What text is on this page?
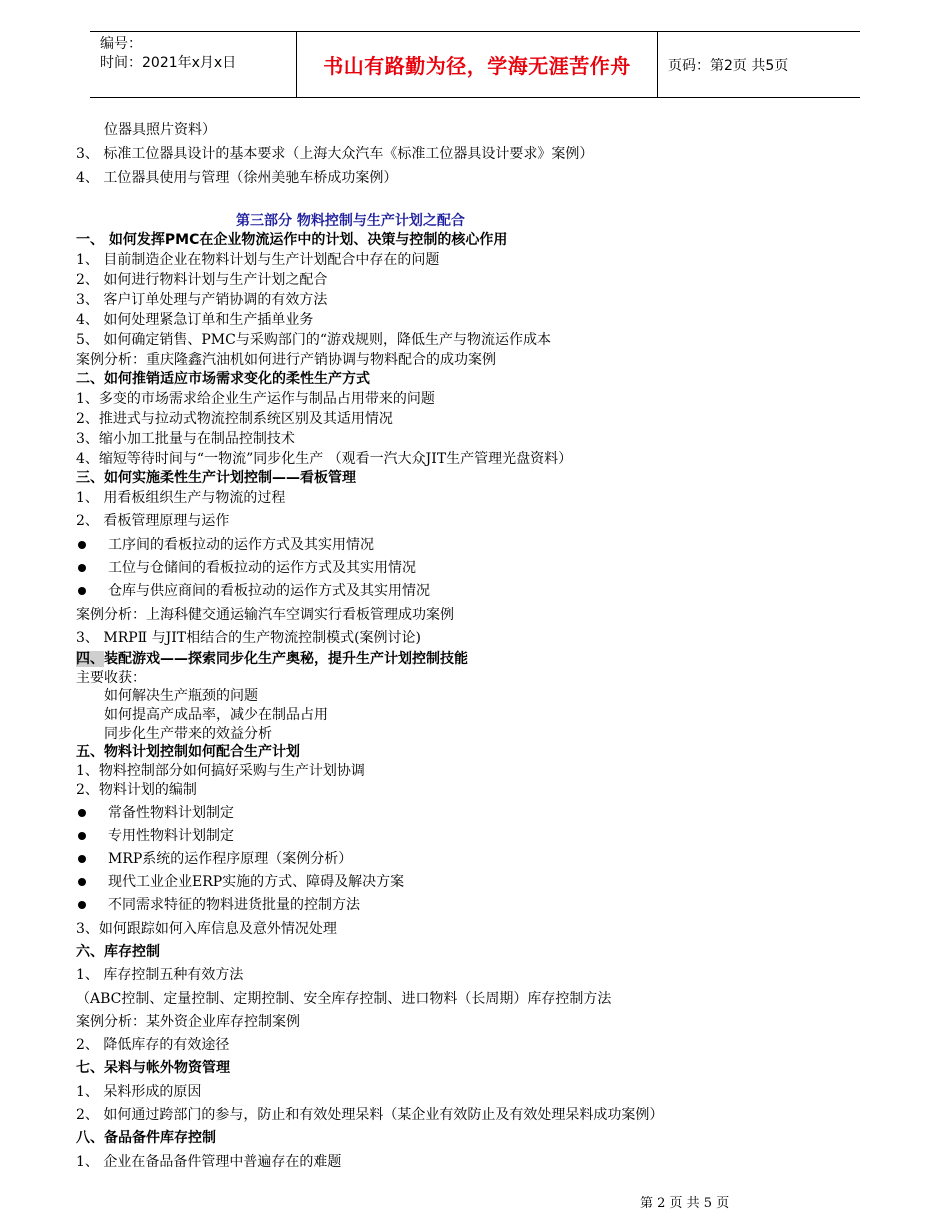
编号：
时间：2021年x月x日	书山有路勤为径，学海无涯苦作舟	页码：第2页 共5页
位器具照片资料）
3、 标准工位器具设计的基本要求（上海大众汽车《标准工位器具设计要求》案例）
4、 工位器具使用与管理（徐州美驰车桥成功案例）
第三部分 物料控制与生产计划之配合
一、 如何发挥PMC在企业物流运作中的计划、决策与控制的核心作用
1、 目前制造企业在物料计划与生产计划配合中存在的问题
2、 如何进行物料计划与生产计划之配合
3、 客户订单处理与产销协调的有效方法
4、 如何处理紧急订单和生产插单业务
5、 如何确定销售、PMC与采购部门的“游戏规则，降低生产与物流运作成本
案例分析：重庆隆鑫汽油机如何进行产销协调与物料配合的成功案例
二、如何推销适应市场需求变化的柔性生产方式
1、多变的市场需求给企业生产运作与制品占用带来的问题
2、推进式与拉动式物流控制系统区别及其适用情况
3、缩小加工批量与在制品控制技术
4、缩短等待时间与“一物流”同步化生产 （观看一汽大众JIT生产管理光盘资料）
三、如何实施柔性生产计划控制——看板管理
1、 用看板组织生产与物流的过程
2、 看板管理原理与运作
工序间的看板拉动的运作方式及其实用情况
工位与仓储间的看板拉动的运作方式及其实用情况
仓库与供应商间的看板拉动的运作方式及其实用情况
案例分析：上海科健交通运输汽车空调实行看板管理成功案例
3、 MRPⅡ 与JIT相结合的生产物流控制模式(案例讨论)
四、装配游戏——探索同步化生产奥秘，提升生产计划控制技能
主要收获：
如何解决生产瓶颈的问题
如何提高产成品率，减少在制品占用
同步化生产带来的效益分析
五、物料计划控制如何配合生产计划
1、物料控制部分如何搞好采购与生产计划协调
2、物料计划的编制
常备性物料计划制定
专用性物料计划制定
MRP系统的运作程序原理（案例分析）
现代工业企业ERP实施的方式、障碍及解决方案
不同需求特征的物料进货批量的控制方法
3、如何跟踪如何入库信息及意外情况处理
六、库存控制
1、 库存控制五种有效方法
（ABC控制、定量控制、定期控制、安全库存控制、进口物料（长周期）库存控制方法
案例分析：某外资企业库存控制案例
2、 降低库存的有效途径
七、呆料与帐外物资管理
1、 呆料形成的原因
2、 如何通过跨部门的参与，防止和有效处理呆料（某企业有效防止及有效处理呆料成功案例）
八、备品备件库存控制
1、 企业在备品备件管理中普遍存在的难题
第 2 页 共 5 页
